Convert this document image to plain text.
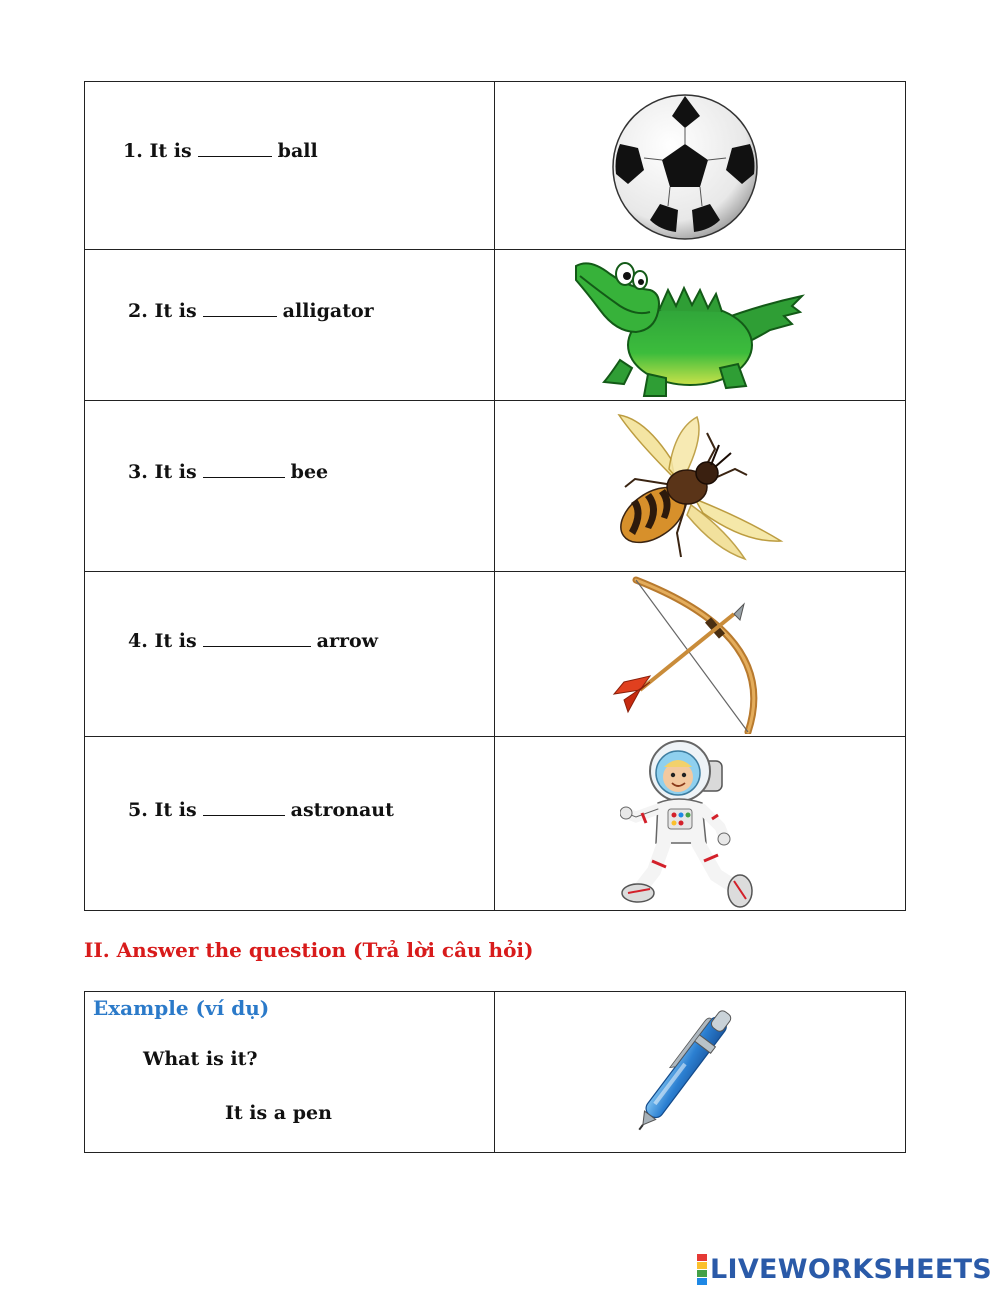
1. It is	ball
2. It is	alligator
3. It is	bee
4. It is	arrow
5. It is	astronaut
II. Answer the question (Trả lời câu hỏi)
Example (ví dụ)
What is it?
It is a pen
LIVEWORKSHEETS
